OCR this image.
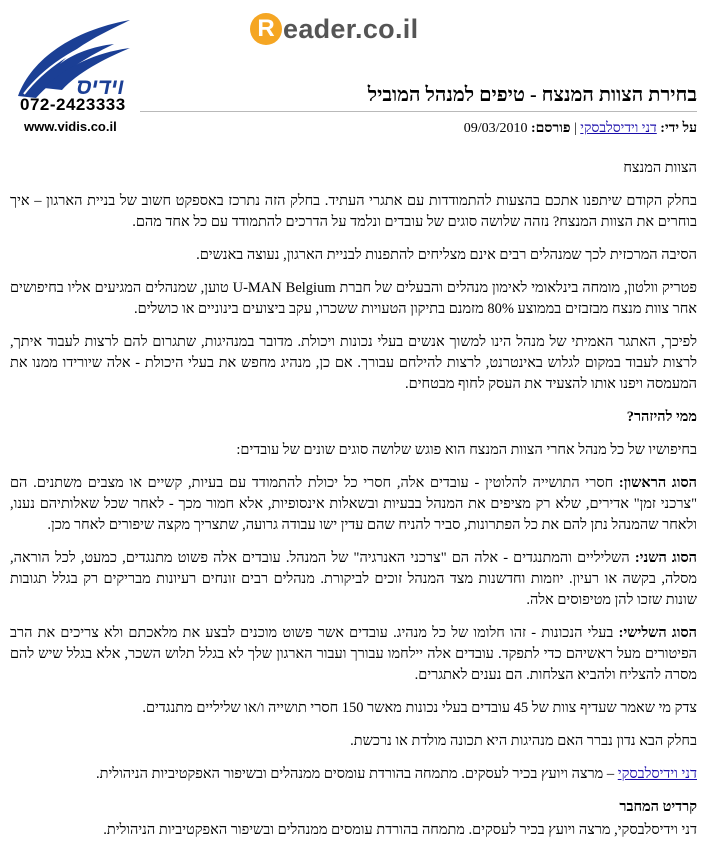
וידיס
072-2423333
www.vidis.co.il
R eader.co.il
בחירת הצוות המנצח - טיפים למנהל המוביל
על ידי: דני וידיסלבסקי | פורסם: 09/03/2010

הצוות המנצח

בחלק הקודם שיתפנו אתכם בהצעות להתמודדות עם אתגרי העתיד. בחלק הזה נתרכז באספקט חשוב של בניית הארגון – איך בוחרים את הצוות המנצח? נזהה שלושה סוגים של עובדים ונלמד על הדרכים להתמודד עם כל אחד מהם.

הסיבה המרכזית לכך שמנהלים רבים אינם מצליחים להתפנות לבניית הארגון, נעוצה באנשים.

פטריק וולטון, מומחה בינלאומי לאימון מנהלים והבעלים של חברת U-MAN Belgium טוען, שמנהלים המגיעים אליו בחיפושים אחר צוות מנצח מבזבזים בממוצע 80% מזמנם בתיקון הטעויות ששכרו, עקב ביצועים בינוניים או כושלים.

לפיכך, האתגר האמיתי של מנהל הינו למשוך אנשים בעלי נכונות ויכולת. מדובר במנהיגות, שתגרום להם לרצות לעבוד איתך, לרצות לעבוד במקום לגלוש באינטרנט, לרצות להילחם עבורך. אם כן, מנהיג מחפש את בעלי היכולת - אלה שיורידו ממנו את המעמסה ויפנו אותו להצעיד את העסק לחוף מבטחים.

ממי להיזהר?

בחיפושיו של כל מנהל אחרי הצוות המנצח הוא פוגש שלושה סוגים שונים של עובדים:

הסוג הראשון: חסרי התושייה להלוטין - עובדים אלה, חסרי כל יכולת להתמודד עם בעיות, קשיים או מצבים משתנים. הם "צרכני זמן" אדירים, שלא רק מציפים את המנהל בבעיות ובשאלות אינסופיות, אלא חמור מכך - לאחר שכל שאלותיהם נענו, ולאחר שהמנהל נתן להם את כל הפתרונות, סביר להניח שהם עדין ישו עבודה גרועה, שתצריך מקצה שיפורים לאחר מכן.

הסוג השני: השליליים והמתנגדים - אלה הם "צרכני האנרגיה" של המנהל. עובדים אלה פשוט מתנגדים, כמעט, לכל הוראה, מסלה, בקשה או רעיון. יוזמות וחדשנות מצד המנהל זוכים לביקורת. מנהלים רבים זונחים רעיונות מבריקים רק בגלל תגובות שונות שזכו להן מטיפוסים אלה.

הסוג השלישי: בעלי הנכונות - זהו חלומו של כל מנהיג. עובדים אשר פשוט מוכנים לבצע את מלאכתם ולא צריכים את הרב הפיטורים מעל ראשיהם כדי לתפקד. עובדים אלה יילחמו עבורך ועבור הארגון שלך לא בגלל תלוש השכר, אלא בגלל שיש להם מסרה להצליח ולהביא הצלחות. הם נענים לאתגרים.

צדק מי שאמר שעדיף צוות של 45 עובדים בעלי נכונות מאשר 150 חסרי תושייה ו/או שליליים מתנגדים.

בחלק הבא נדון נברר האם מנהיגות היא תכונה מולדת או נרכשת.

דני וידיסלבסקי – מרצה ויועץ בכיר לעסקים. מתמחה בהורדת עומסים ממנהלים ובשיפור האפקטיביות הניהולית.

קרדיט המחבר

דני וידיסלבסקי, מרצה ויועץ בכיר לעסקים. מתמחה בהורדת עומסים ממנהלים ובשיפור האפקטיביות הניהולית.
